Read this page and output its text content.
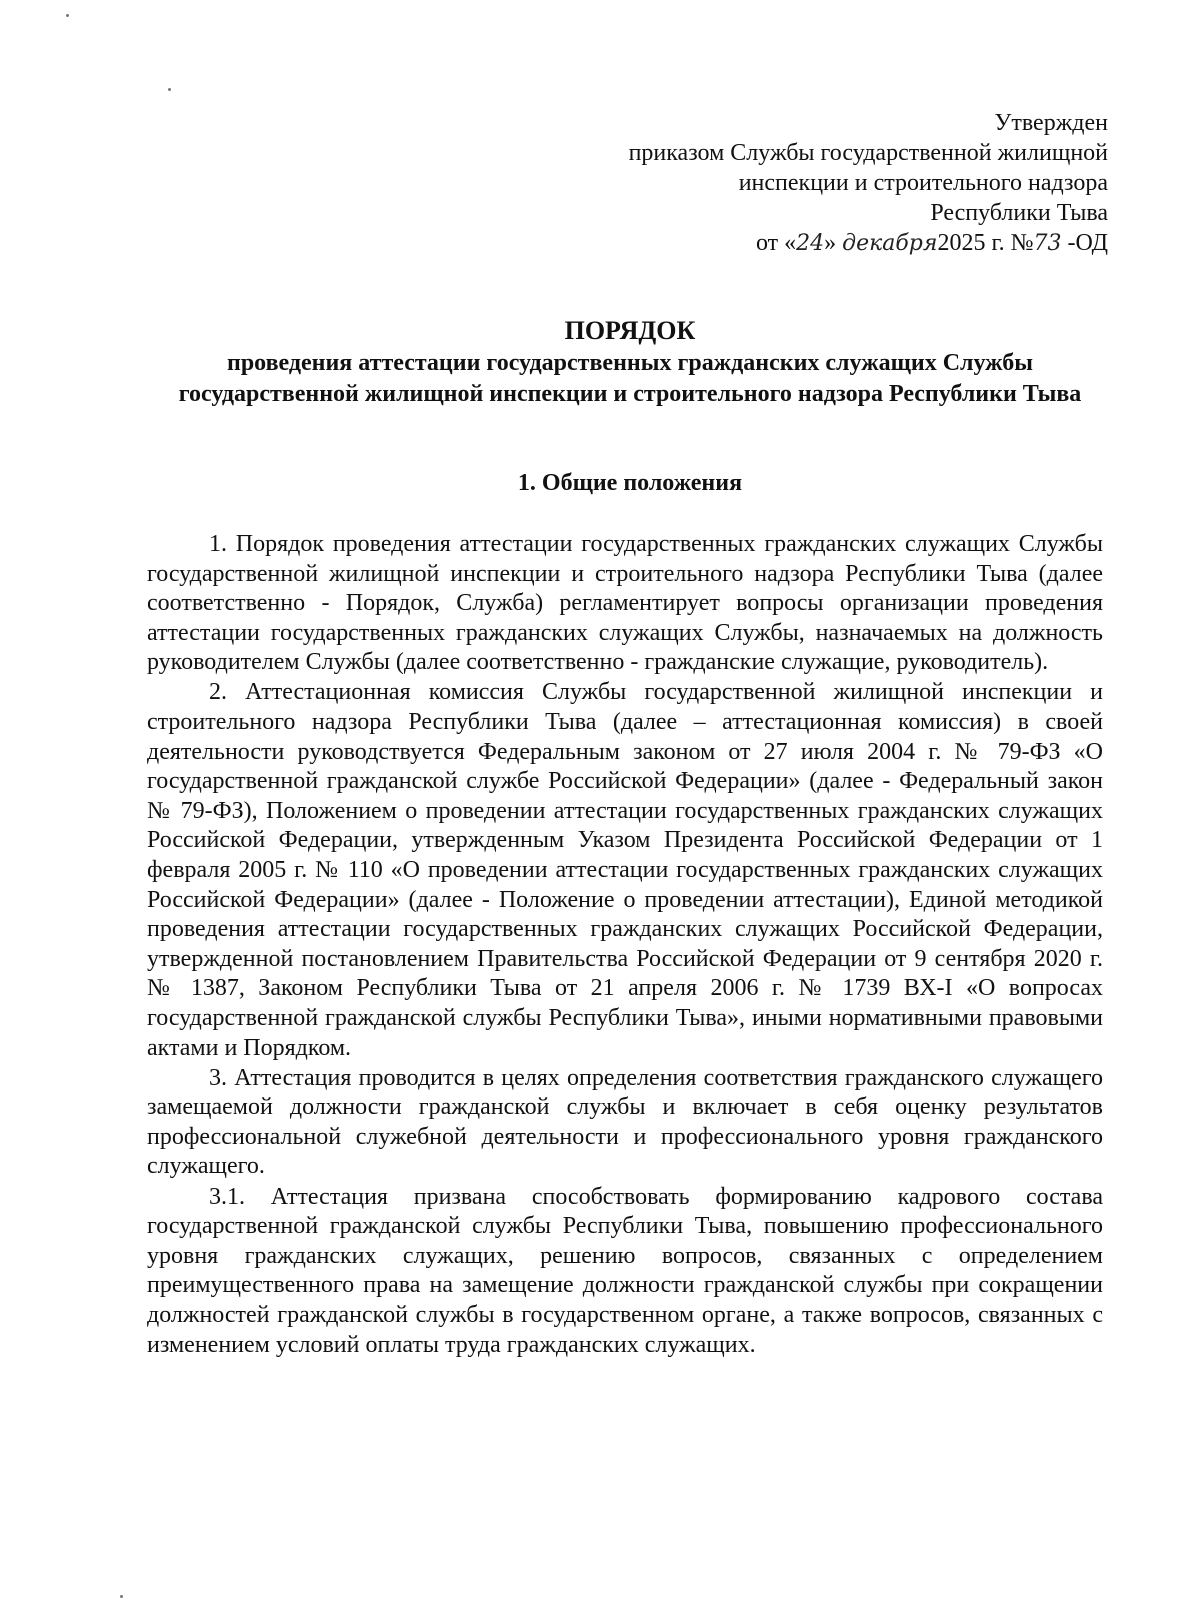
Утвержден
приказом Службы государственной жилищной
инспекции и строительного надзора
Республики Тыва
от «24» декабря2025 г. №73 -ОД
ПОРЯДОК
проведения аттестации государственных гражданских служащих Службы государственной жилищной инспекции и строительного надзора Республики Тыва
1. Общие положения

1. Порядок проведения аттестации государственных гражданских служащих Службы государственной жилищной инспекции и строительного надзора Республики Тыва (далее соответственно - Порядок, Служба) регламентирует вопросы организации проведения аттестации государственных гражданских служащих Службы, назначаемых на должность руководителем Службы (далее соответственно - гражданские служащие, руководитель).

2. Аттестационная комиссия Службы государственной жилищной инспекции и строительного надзора Республики Тыва (далее – аттестационная комиссия) в своей деятельности руководствуется Федеральным законом от 27 июля 2004 г. № 79-ФЗ «О государственной гражданской службе Российской Федерации» (далее - Федеральный закон № 79-ФЗ), Положением о проведении аттестации государственных гражданских служащих Российской Федерации, утвержденным Указом Президента Российской Федерации от 1 февраля 2005 г. № 110 «О проведении аттестации государственных гражданских служащих Российской Федерации» (далее - Положение о проведении аттестации), Единой методикой проведения аттестации государственных гражданских служащих Российской Федерации, утвержденной постановлением Правительства Российской Федерации от 9 сентября 2020 г. № 1387, Законом Республики Тыва от 21 апреля 2006 г. № 1739 ВХ-I «О вопросах государственной гражданской службы Республики Тыва», иными нормативными правовыми актами и Порядком.

3. Аттестация проводится в целях определения соответствия гражданского служащего замещаемой должности гражданской службы и включает в себя оценку результатов профессиональной служебной деятельности и профессионального уровня гражданского служащего.

3.1. Аттестация призвана способствовать формированию кадрового состава государственной гражданской службы Республики Тыва, повышению профессионального уровня гражданских служащих, решению вопросов, связанных с определением преимущественного права на замещение должности гражданской службы при сокращении должностей гражданской службы в государственном органе, а также вопросов, связанных с изменением условий оплаты труда гражданских служащих.
